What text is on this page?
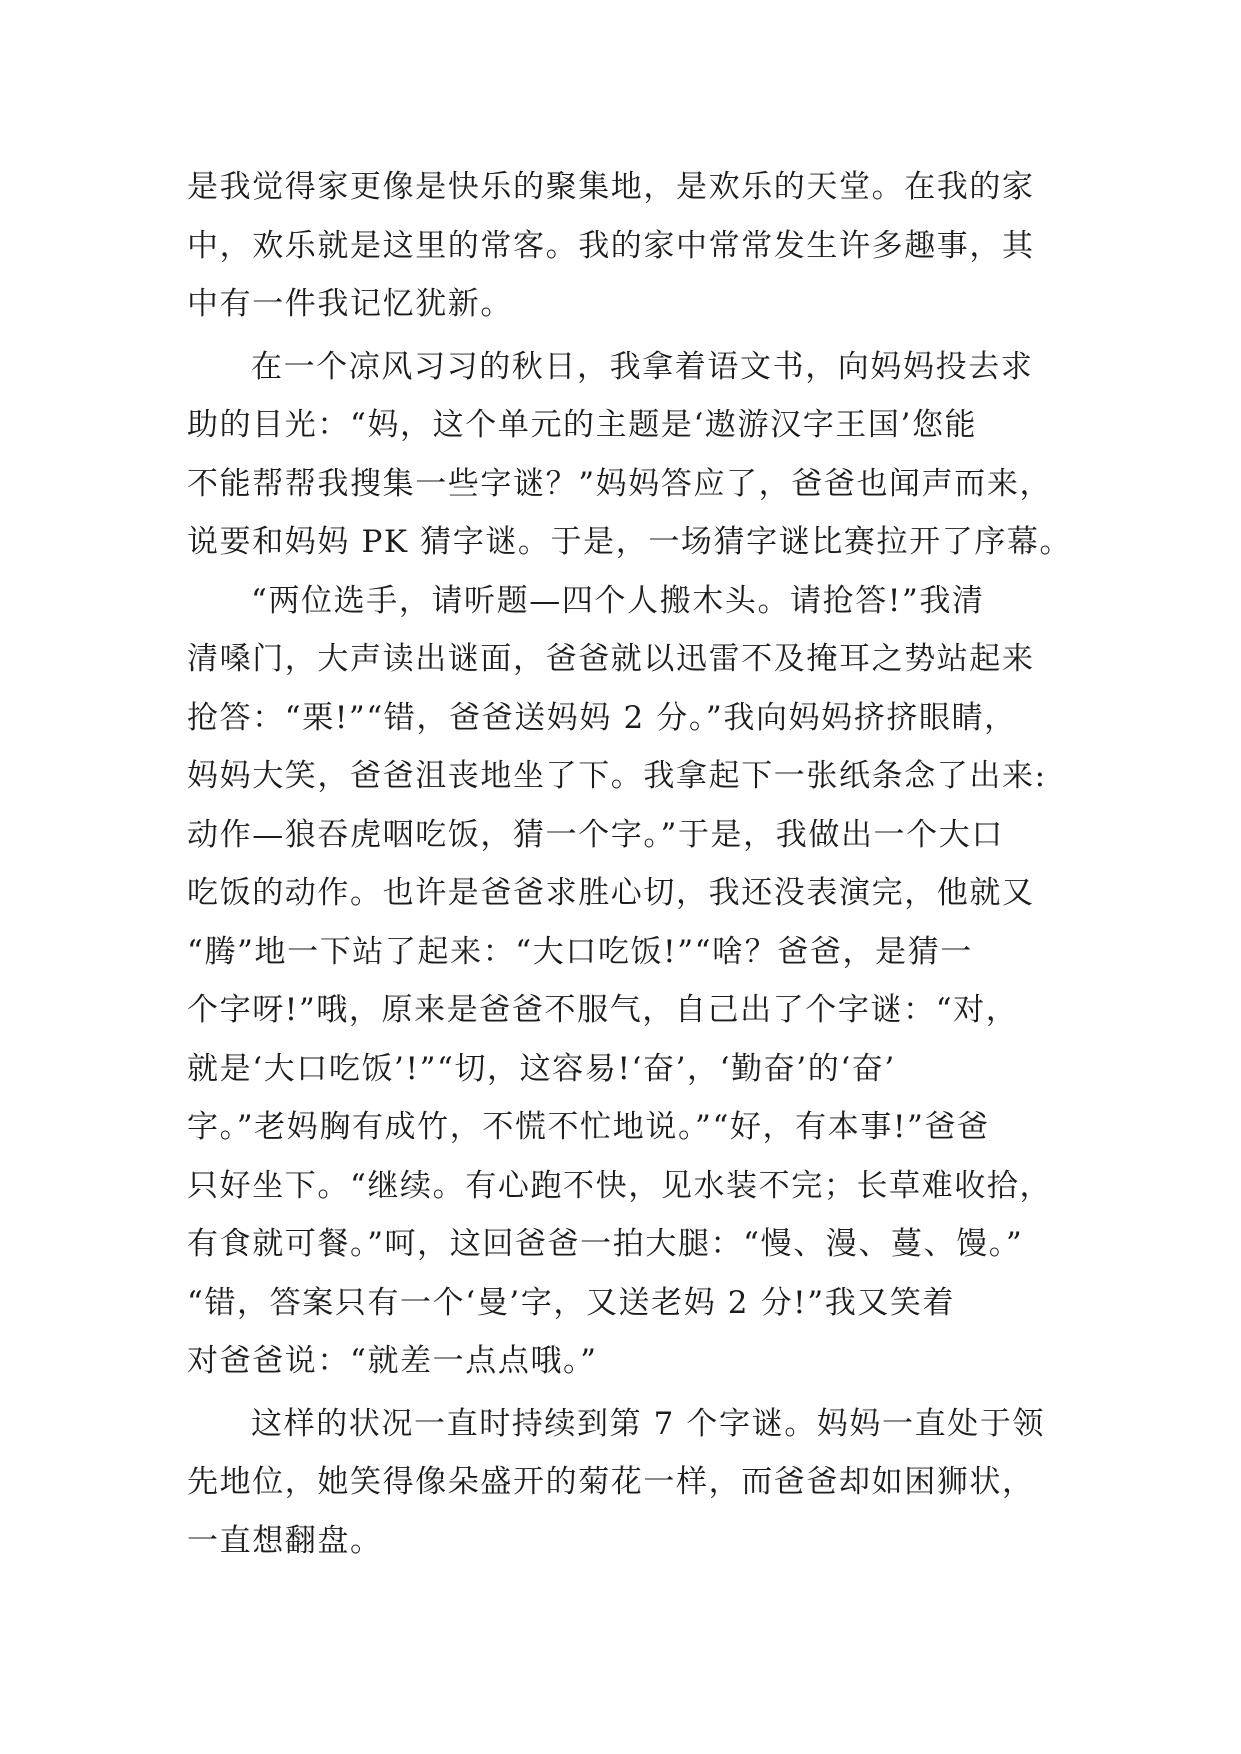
是我觉得家更像是快乐的聚集地，是欢乐的天堂。在我的家
中，欢乐就是这里的常客。我的家中常常发生许多趣事，其
中有一件我记忆犹新。
在一个凉风习习的秋日，我拿着语文书，向妈妈投去求
助的目光：“妈，这个单元的主题是‘遨游汉字王国’您能
不能帮帮我搜集一些字谜？”妈妈答应了，爸爸也闻声而来，
说要和妈妈 PK 猜字谜。于是，一场猜字谜比赛拉开了序幕。
“两位选手，请听题—四个人搬木头。请抢答!”我清
清嗓门，大声读出谜面，爸爸就以迅雷不及掩耳之势站起来
抢答：“栗!”“错，爸爸送妈妈 2 分。”我向妈妈挤挤眼睛，
妈妈大笑，爸爸沮丧地坐了下。我拿起下一张纸条念了出来:
动作—狼吞虎咽吃饭，猜一个字。”于是，我做出一个大口
吃饭的动作。也许是爸爸求胜心切，我还没表演完，他就又
“腾”地一下站了起来：“大口吃饭!”“啥？爸爸，是猜一
个字呀!”哦，原来是爸爸不服气，自己出了个字谜：“对，
就是‘大口吃饭’!”“切，这容易!‘奋’，‘勤奋’的‘奋’
字。”老妈胸有成竹，不慌不忙地说。”“好，有本事!”爸爸
只好坐下。“继续。有心跑不快，见水装不完；长草难收拾，
有食就可餐。”呵，这回爸爸一拍大腿：“慢、漫、蔓、馒。”
“错，答案只有一个‘曼’字，又送老妈 2 分!”我又笑着
对爸爸说：“就差一点点哦。”
这样的状况一直时持续到第 7 个字谜。妈妈一直处于领
先地位，她笑得像朵盛开的菊花一样，而爸爸却如困狮状，
一直想翻盘。
